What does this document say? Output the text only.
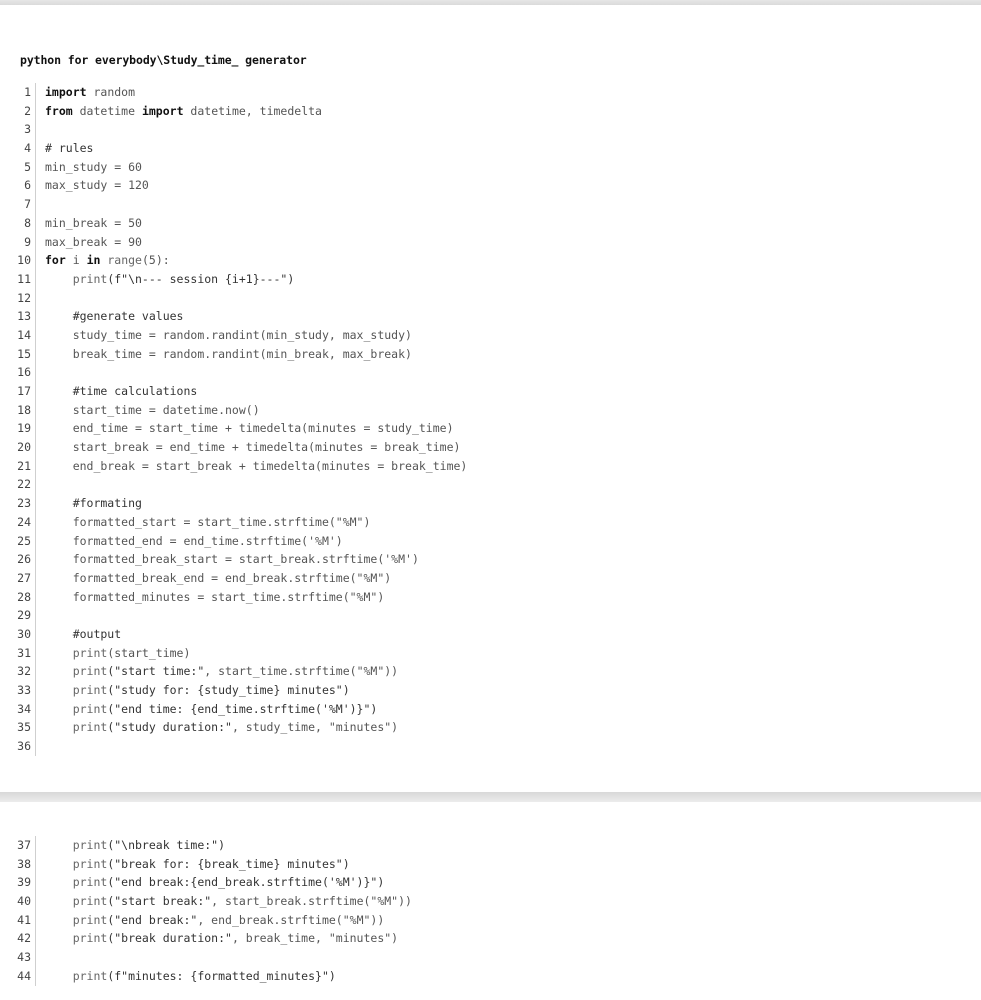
python for everybody\Study_time_ generator
1	import random
2	from datetime import datetime, timedelta
3
4	# rules
5	min_study = 60
6	max_study = 120
7
8	min_break = 50
9	max_break = 90
10	for i in range(5):
11	print(f"\n--- session {i+1}---")
12
13	#generate values
14	study_time = random.randint(min_study, max_study)
15	break_time = random.randint(min_break, max_break)
16
17	#time calculations
18	start_time = datetime.now()
19	end_time = start_time + timedelta(minutes = study_time)
20	start_break = end_time + timedelta(minutes = break_time)
21	end_break = start_break + timedelta(minutes = break_time)
22
23	#formating
24	formatted_start = start_time.strftime("%M")
25	formatted_end = end_time.strftime('%M')
26	formatted_break_start = start_break.strftime('%M')
27	formatted_break_end = end_break.strftime("%M")
28	formatted_minutes = start_time.strftime("%M")
29
30	#output
31	print(start_time)
32	print("start time:", start_time.strftime("%M"))
33	print("study for: {study_time} minutes")
34	print("end time: {end_time.strftime('%M')}")
35	print("study duration:", study_time, "minutes")
36
37	print("\nbreak time:")
38	print("break for: {break_time} minutes")
39	print("end break:{end_break.strftime('%M')}")
40	print("start break:", start_break.strftime("%M"))
41	print("end break:", end_break.strftime("%M"))
42	print("break duration:", break_time, "minutes")
43
44	print(f"minutes: {formatted_minutes}")
